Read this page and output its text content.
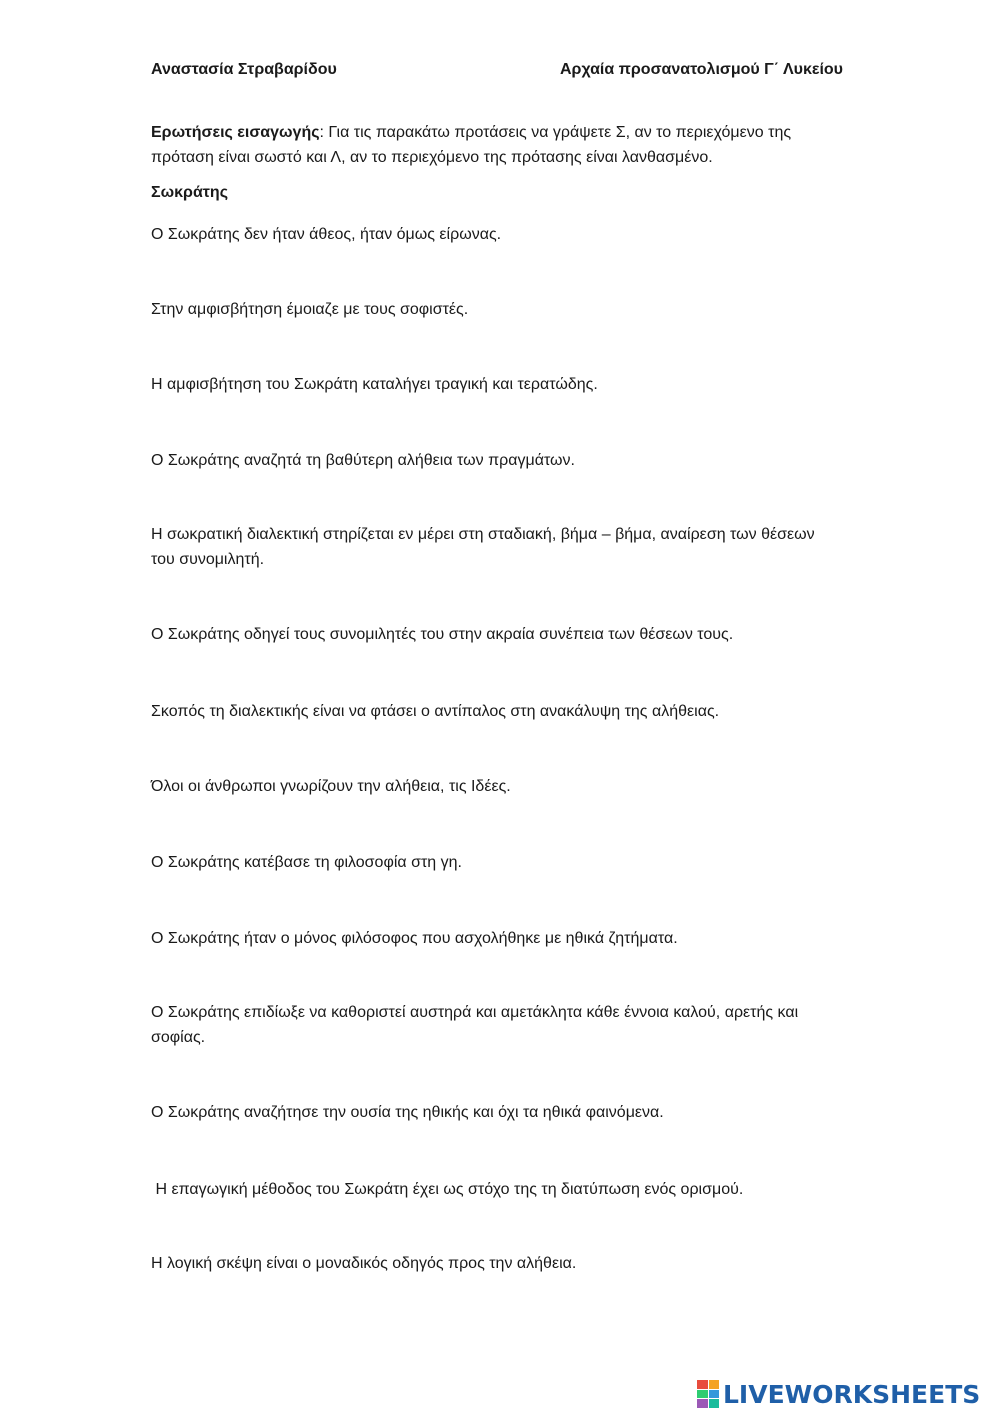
Αναστασία Στραβαρίδου	Αρχαία προσανατολισμού Γ΄ Λυκείου
Ερωτήσεις εισαγωγής: Για τις παρακάτω προτάσεις να γράψετε Σ, αν το περιεχόμενο της πρόταση είναι σωστό και Λ, αν το περιεχόμενο της πρότασης είναι λανθασμένο.
Σωκράτης
Ο Σωκράτης δεν ήταν άθεος, ήταν όμως είρωνας.
Στην αμφισβήτηση έμοιαζε με τους σοφιστές.
Η αμφισβήτηση του Σωκράτη καταλήγει τραγική και τερατώδης.
Ο Σωκράτης αναζητά τη βαθύτερη αλήθεια των πραγμάτων.
Η σωκρατική διαλεκτική στηρίζεται εν μέρει στη σταδιακή, βήμα – βήμα, αναίρεση των θέσεων του συνομιλητή.
Ο Σωκράτης οδηγεί τους συνομιλητές του στην ακραία συνέπεια των θέσεων τους.
Σκοπός τη διαλεκτικής είναι να φτάσει ο αντίπαλος στη ανακάλυψη της αλήθειας.
Όλοι οι άνθρωποι γνωρίζουν την αλήθεια, τις Ιδέες.
Ο Σωκράτης κατέβασε τη φιλοσοφία στη γη.
Ο Σωκράτης ήταν ο μόνος φιλόσοφος που ασχολήθηκε με ηθικά ζητήματα.
Ο Σωκράτης επιδίωξε να καθοριστεί αυστηρά και αμετάκλητα κάθε έννοια καλού, αρετής και σοφίας.
Ο Σωκράτης αναζήτησε την ουσία της ηθικής και όχι τα ηθικά φαινόμενα.
Η επαγωγική μέθοδος του Σωκράτη έχει ως στόχο της τη διατύπωση ενός ορισμού.
Η λογική σκέψη είναι ο μοναδικός οδηγός προς την αλήθεια.
LIVEWORKSHEETS
